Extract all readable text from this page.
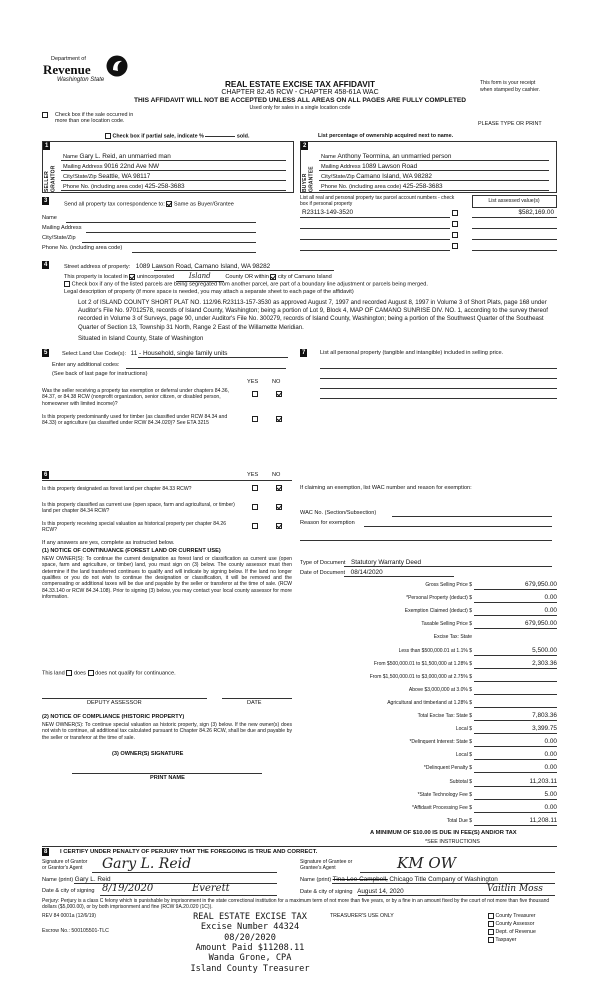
Department of
Revenue
Washington State	REAL ESTATE EXCISE TAX AFFIDAVIT
CHAPTER 82.45 RCW - CHAPTER 458-61A WAC
THIS AFFIDAVIT WILL NOT BE ACCEPTED UNLESS ALL AREAS ON ALL PAGES ARE FULLY COMPLETED
Used only for sales in a single location code
This form is your receipt
when stamped by cashier.
Check box if the sale occurred in
more than one location code.	PLEASE TYPE OR PRINT
Check box if partial sale, indicate %	sold.	List percentage of ownership acquired next to name.
1
SELLER GRANTOR
Name Gary L. Reid, an unmarried man
Mailing Address 9016 22nd Ave NW
City/State/Zip Seattle, WA 98117
Phone No. (including area code) 425-258-3683
2
BUYER GRANTEE
Name Anthony Teormina, an unmarried person
Mailing Address 1089 Lawson Road
City/State/Zip Camano Island, WA 98282
Phone No. (including area code) 425-258-3683
3
Send all property tax correspondence to: Same as Buyer/Grantee
Name
Mailing Address
City/State/Zip
Phone No. (including area code)
List all real and personal property tax parcel account numbers - check box if personal property	List assessed value(s)
R23113-149-3520	$582,169.00
4	Street address of property: 1089 Lawson Road, Camano Island, WA 98282
This property is located in unincorporated Island	County OR within city of Camano Island
Check box if any of the listed parcels are being segregated from another parcel, are part of a boundary line adjustment or parcels being merged.
Legal description of property (if more space is needed, you may attach a separate sheet to each page of the affidavit)
Lot 2 of ISLAND COUNTY SHORT PLAT NO. 112/96.R23113-157-3530 as approved August 7, 1997 and recorded August 8, 1997 in Volume 3 of Short Plats, page 168 under Auditor's File No. 97012578, records of Island County, Washington; being a portion of Lot 9, Block 4, MAP OF CAMANO SUNRISE DIV. NO. 1, according to the survey thereof recorded in Volume 3 of Surveys, page 90, under Auditor's File No. 300279, records of Island County, Washington; being a portion of the Southwest Quarter of the Southeast Quarter of Section 13, Township 31 North, Range 2 East of the Willamette Meridian.
Situated in Island County, State of Washington
5	Select Land Use Code(s): 11 - Household, single family units
Enter any additional codes:
(See back of last page for instructions)
YES NO
Was the seller receiving a property tax exemption or deferral under chapters 84.36, 84.37, or 84.38 RCW (nonprofit organization, senior citizen, or disabled person, homeowner with limited income)?
Is this property predominantly used for timber (as classified under RCW 84.34 and 84.33) or agriculture (as classified under RCW 84.34.020)? See ETA 3215
6	YES NO
Is this property designated as forest land per chapter 84.33 RCW?
Is this property classified as current use (open space, farm and agricultural, or timber) land per chapter 84.34 RCW?
Is this property receiving special valuation as historical property per chapter 84.26 RCW?
If any answers are yes, complete as instructed below.
(1) NOTICE OF CONTINUANCE (FOREST LAND OR CURRENT USE)
NEW OWNER(S): To continue the current designation as forest land or classification as current use (open space, farm and agriculture, or timber) land, you must sign on (3) below. The county assessor must then determine if the land transferred continues to qualify and will indicate by signing below. If the land no longer qualifies or you do not wish to continue the designation or classification, it will be removed and the compensating or additional taxes will be due and payable by the seller or transferor at the time of sale. (RCW 84.33.140 or RCW 84.34.108). Prior to signing (3) below, you may contact your local county assessor for more information.
This land does does not qualify for continuance.
DEPUTY ASSESSOR	DATE
(2) NOTICE OF COMPLIANCE (HISTORIC PROPERTY)
NEW OWNER(S): To continue special valuation as historic property, sign (3) below. If the new owner(s) does not wish to continue, all additional tax calculated pursuant to Chapter 84.26 RCW, shall be due and payable by the seller or transferor at the time of sale.
(3) OWNER(S) SIGNATURE
PRINT NAME
7	List all personal property (tangible and intangible) included in selling price.
If claiming an exemption, list WAC number and reason for exemption:
WAC No. (Section/Subsection)
Reason for exemption
Type of Document Statutory Warranty Deed
Date of Document 08/14/2020
Gross Selling Price $	679,950.00
*Personal Property (deduct) $	0.00
Exemption Claimed (deduct) $	0.00
Taxable Selling Price $	679,950.00
Excise Tax: State
Less than $500,000.01 at 1.1% $	5,500.00
From $500,000.01 to $1,500,000 at 1.28% $	2,303.36
From $1,500,000.01 to $3,000,000 at 2.75% $
Above $3,000,000 at 3.0% $
Agricultural and timberland at 1.28% $
Total Excise Tax: State $	7,803.36
Local $	3,399.75
*Delinquent Interest: State $	0.00
Local $	0.00
*Delinquent Penalty $	0.00
Subtotal $	11,203.11
*State Technology Fee $	5.00
*Affidavit Processing Fee $	0.00
Total Due $	11,208.11
A MINIMUM OF $10.00 IS DUE IN FEE(S) AND/OR TAX
*SEE INSTRUCTIONS
8	I CERTIFY UNDER PENALTY OF PERJURY THAT THE FOREGOING IS TRUE AND CORRECT.
Signature of Grantor or Grantor's Agent	Gary L. Reid
Name (print) Gary L. Reid
Date & city of signing 8/19/2020	Everett
Signature of Grantee or Grantee's Agent	KM OW
Name (print) Tina Lee Campbell, Chicago Title Company of Washington
Date & city of signing August 14, 2020	Vaitlin Moss
Perjury: Perjury is a class C felony which is punishable by imprisonment in the state correctional institution for a maximum term of not more than five years, or by a fine in an amount fixed by the court of not more than five thousand dollars ($5,000.00), or by both imprisonment and fine (RCW 9A.20.020 (1C)).
REV 84 0001a (12/6/19)
Escrow No.: 500105501-TLC
TREASURER'S USE ONLY
REAL ESTATE EXCISE TAX
Excise Number 44324
08/20/2020
Amount Paid $11208.11
Wanda Grone, CPA
Island County Treasurer
County Treasurer
County Assessor
Dept. of Revenue
Taxpayer
